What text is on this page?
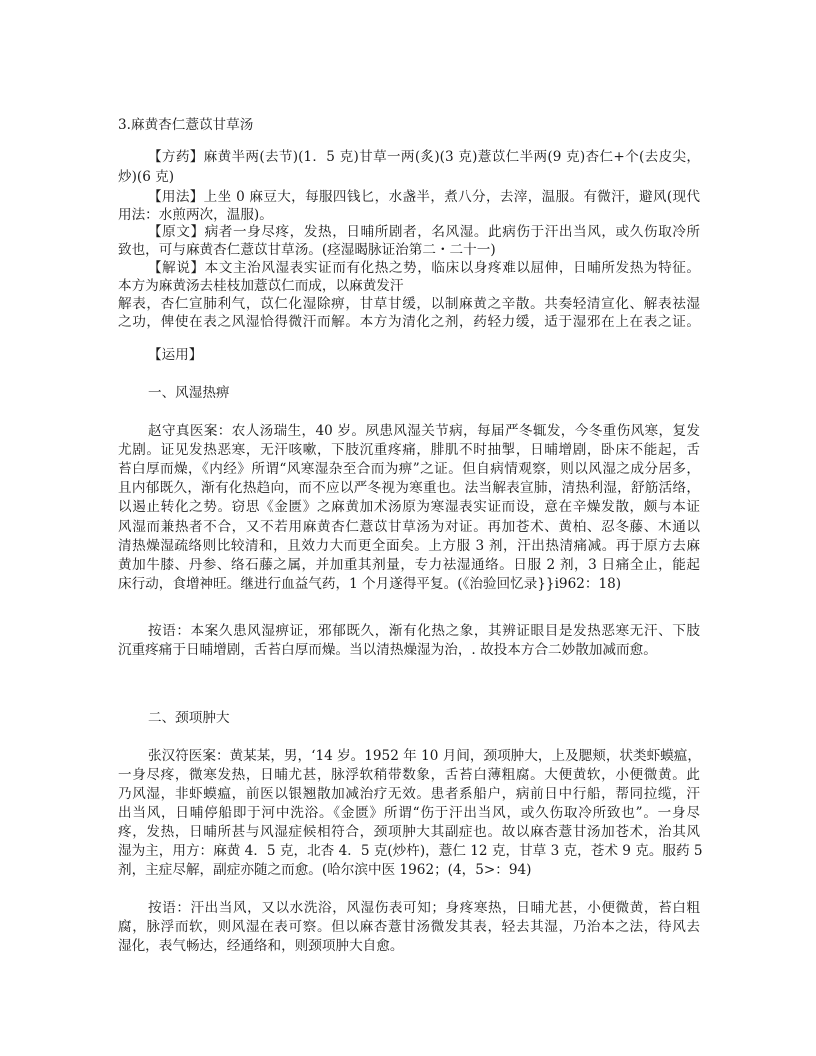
3.麻黄杏仁薏苡甘草汤
【方药】麻黄半两(去节)(1．5 克)甘草一两(炙)(3 克)薏苡仁半两(9 克)杏仁+个(去皮尖，
炒)(6 克)
【用法】上坐 0 麻豆大，每服四钱匕，水盏半，煮八分，去滓，温服。有微汗，避风(现代
用法：水煎两次，温服)。
【原文】病者一身尽疼，发热，日晡所剧者，名风湿。此病伤于汗出当风，或久伤取冷所
致也，可与麻黄杏仁薏苡甘草汤。(痉湿暍脉证治第二・二十一)
【解说】本文主治风湿表实证而有化热之势，临床以身疼难以屈伸，日晡所发热为特征。
本方为麻黄汤去桂枝加薏苡仁而成，以麻黄发汗
解表，杏仁宣肺利气，苡仁化湿除痹，甘草甘缓，以制麻黄之辛散。共奏轻清宣化、解表祛湿
之功，俾使在表之风湿恰得微汗而解。本方为清化之剂，药轻力缓，适于湿邪在上在表之证。
【运用】
一、风湿热痹
赵守真医案：农人汤瑞生，40 岁。夙患风湿关节病，每届严冬辄发，今冬重伤风寒，复发
尤剧。证见发热恶寒，无汗咳嗽，下肢沉重疼痛，腓肌不时抽掣，日晡增剧，卧床不能起，舌
苔白厚而燥，《内经》所谓“风寒湿杂至合而为痹”之证。但自病情观察，则以风湿之成分居多，
且内郁既久，渐有化热趋向，而不应以严冬视为寒重也。法当解表宣肺，清热利湿，舒筋活络，
以遏止转化之势。窃思《金匮》之麻黄加术汤原为寒湿表实证而设，意在辛燥发散，颇与本证
风湿而兼热者不合，又不若用麻黄杏仁薏苡甘草汤为对证。再加苍术、黄柏、忍冬藤、木通以
清热燥湿疏络则比较清和，且效力大而更全面矣。上方服 3 剂，汗出热清痛减。再于原方去麻
黄加牛膝、丹参、络石藤之属，并加重其剂量，专力祛湿通络。日服 2 剂，3 日痛全止，能起
床行动，食增神旺。继进行血益气药，1 个月遂得平复。(《治验回忆录}}i962：18)
按语：本案久患风湿痹证，邪郁既久，渐有化热之象，其辨证眼目是发热恶寒无汗、下肢
沉重疼痛于日晡增剧，舌苔白厚而燥。当以清热燥湿为治，. 故投本方合二妙散加减而愈。
二、颈项肿大
张汉符医案：黄某某，男，‘14 岁。1952 年 10 月间，颈项肿大，上及腮颊，状类虾蟆瘟，
一身尽疼，微寒发热，日晡尤甚，脉浮软稍带数象，舌苔白薄粗腐。大便黄软，小便微黄。此
乃风湿，非虾蟆瘟，前医以银翘散加减治疗无效。患者系船户，病前日中行船，帮同拉缆，汗
出当风，日晡停船即于河中洗浴。《金匮》所谓“伤于汗出当风，或久伤取冷所致也”。一身尽
疼，发热，日晡所甚与风湿症候相符合，颈项肿大其副症也。故以麻杏薏甘汤加苍术，治其风
湿为主，用方：麻黄 4．5 克，北杏 4．5 克(炒杵)，薏仁 12 克，甘草 3 克，苍术 9 克。服药 5
剂，主症尽解，副症亦随之而愈。(哈尔滨中医 1962；(4，5>：94)
按语：汗出当风，又以水洗浴，风湿伤表可知；身疼寒热，日晡尤甚，小便微黄，苔白粗
腐，脉浮而软，则风湿在表可察。但以麻杏薏甘汤微发其表，轻去其湿，乃治本之法，待风去
湿化，表气畅达，经通络和，则颈项肿大自愈。
